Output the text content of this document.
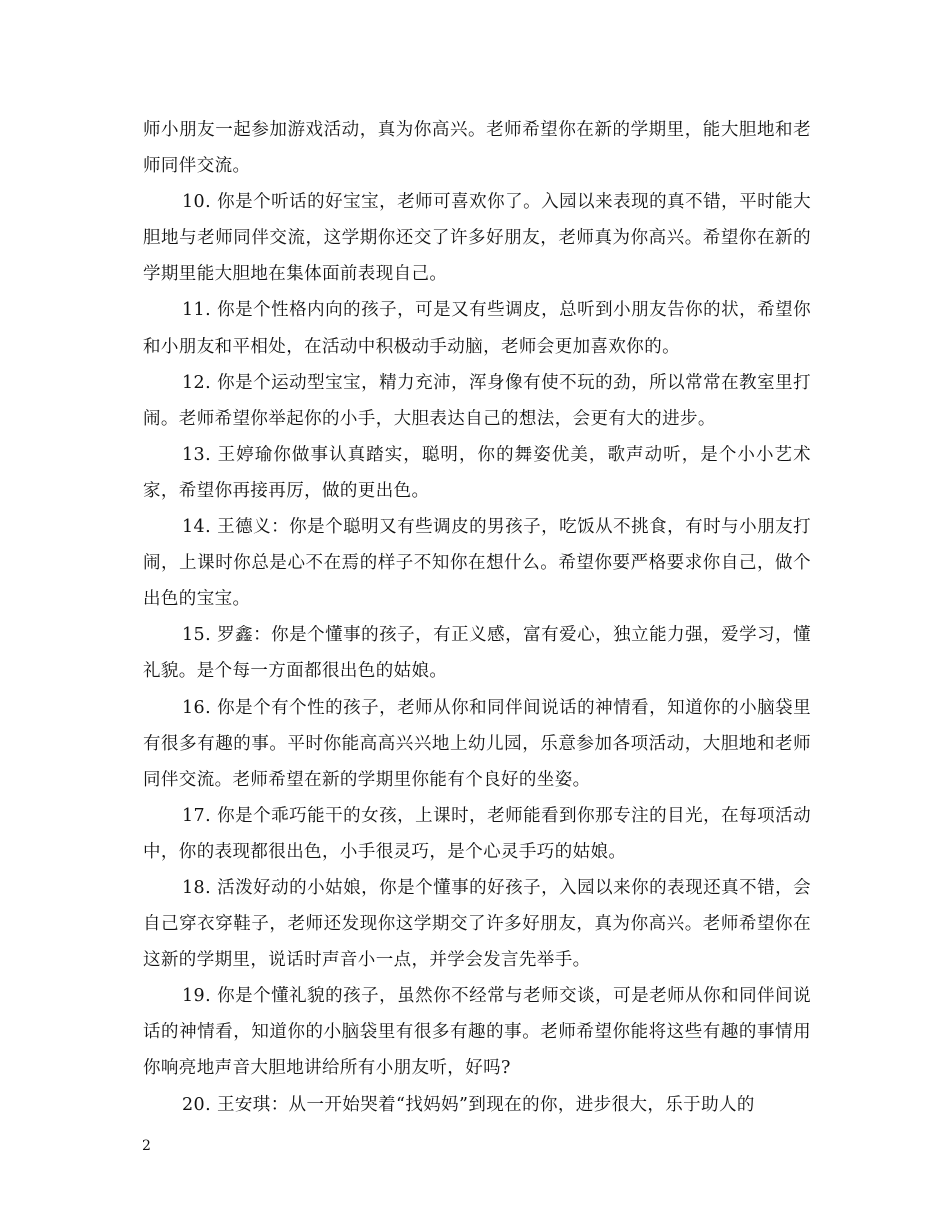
师小朋友一起参加游戏活动，真为你高兴。老师希望你在新的学期里，能大胆地和老师同伴交流。

10. 你是个听话的好宝宝，老师可喜欢你了。入园以来表现的真不错，平时能大胆地与老师同伴交流，这学期你还交了许多好朋友，老师真为你高兴。希望你在新的学期里能大胆地在集体面前表现自己。

11. 你是个性格内向的孩子，可是又有些调皮，总听到小朋友告你的状，希望你和小朋友和平相处，在活动中积极动手动脑，老师会更加喜欢你的。

12. 你是个运动型宝宝，精力充沛，浑身像有使不玩的劲，所以常常在教室里打闹。老师希望你举起你的小手，大胆表达自己的想法，会更有大的进步。

13. 王婷瑜你做事认真踏实，聪明，你的舞姿优美，歌声动听，是个小小艺术家，希望你再接再厉，做的更出色。

14. 王德义：你是个聪明又有些调皮的男孩子，吃饭从不挑食，有时与小朋友打闹，上课时你总是心不在焉的样子不知你在想什么。希望你要严格要求你自己，做个出色的宝宝。

15. 罗鑫：你是个懂事的孩子，有正义感，富有爱心，独立能力强，爱学习，懂礼貌。是个每一方面都很出色的姑娘。

16. 你是个有个性的孩子，老师从你和同伴间说话的神情看，知道你的小脑袋里有很多有趣的事。平时你能高高兴兴地上幼儿园，乐意参加各项活动，大胆地和老师同伴交流。老师希望在新的学期里你能有个良好的坐姿。

17. 你是个乖巧能干的女孩，上课时，老师能看到你那专注的目光，在每项活动中，你的表现都很出色，小手很灵巧，是个心灵手巧的姑娘。

18. 活泼好动的小姑娘，你是个懂事的好孩子，入园以来你的表现还真不错，会自己穿衣穿鞋子，老师还发现你这学期交了许多好朋友，真为你高兴。老师希望你在这新的学期里，说话时声音小一点，并学会发言先举手。

19. 你是个懂礼貌的孩子，虽然你不经常与老师交谈，可是老师从你和同伴间说话的神情看，知道你的小脑袋里有很多有趣的事。老师希望你能将这些有趣的事情用你响亮地声音大胆地讲给所有小朋友听，好吗?

20. 王安琪：从一开始哭着“找妈妈”到现在的你，进步很大，乐于助人的

2
